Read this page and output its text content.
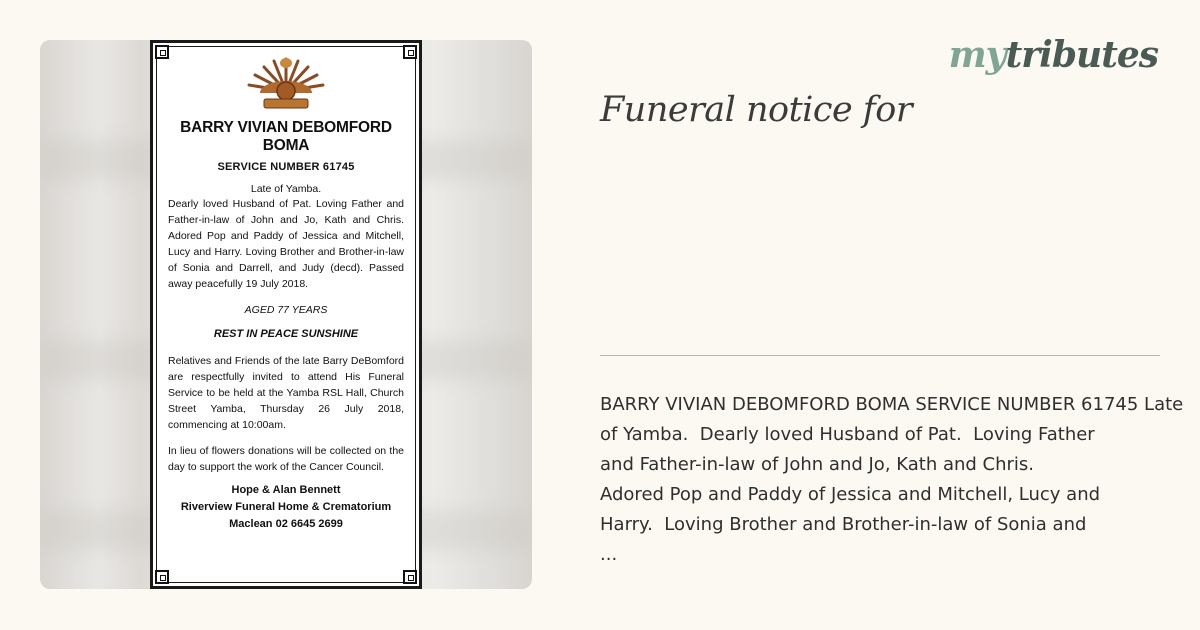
BARRY VIVIAN DEBOMFORD BOMA
SERVICE NUMBER 61745
Late of Yamba.
Dearly loved Husband of Pat. Loving Father and Father-in-law of John and Jo, Kath and Chris. Adored Pop and Paddy of Jessica and Mitchell, Lucy and Harry. Loving Brother and Brother-in-law of Sonia and Darrell, and Judy (decd). Passed away peacefully 19 July 2018.
AGED 77 YEARS
REST IN PEACE SUNSHINE
Relatives and Friends of the late Barry DeBomford are respectfully invited to attend His Funeral Service to be held at the Yamba RSL Hall, Church Street Yamba, Thursday 26 July 2018, commencing at 10:00am.
In lieu of flowers donations will be collected on the day to support the work of the Cancer Council.
Hope & Alan Bennett
Riverview Funeral Home & Crematorium
Maclean 02 6645 2699
mytributes
Funeral notice for
BARRY VIVIAN DEBOMFORD BOMA SERVICE NUMBER 61745 Late
of Yamba.  Dearly loved Husband of Pat.  Loving Father
and Father-in-law of John and Jo, Kath and Chris.
Adored Pop and Paddy of Jessica and Mitchell, Lucy and
Harry.  Loving Brother and Brother-in-law of Sonia and
...
